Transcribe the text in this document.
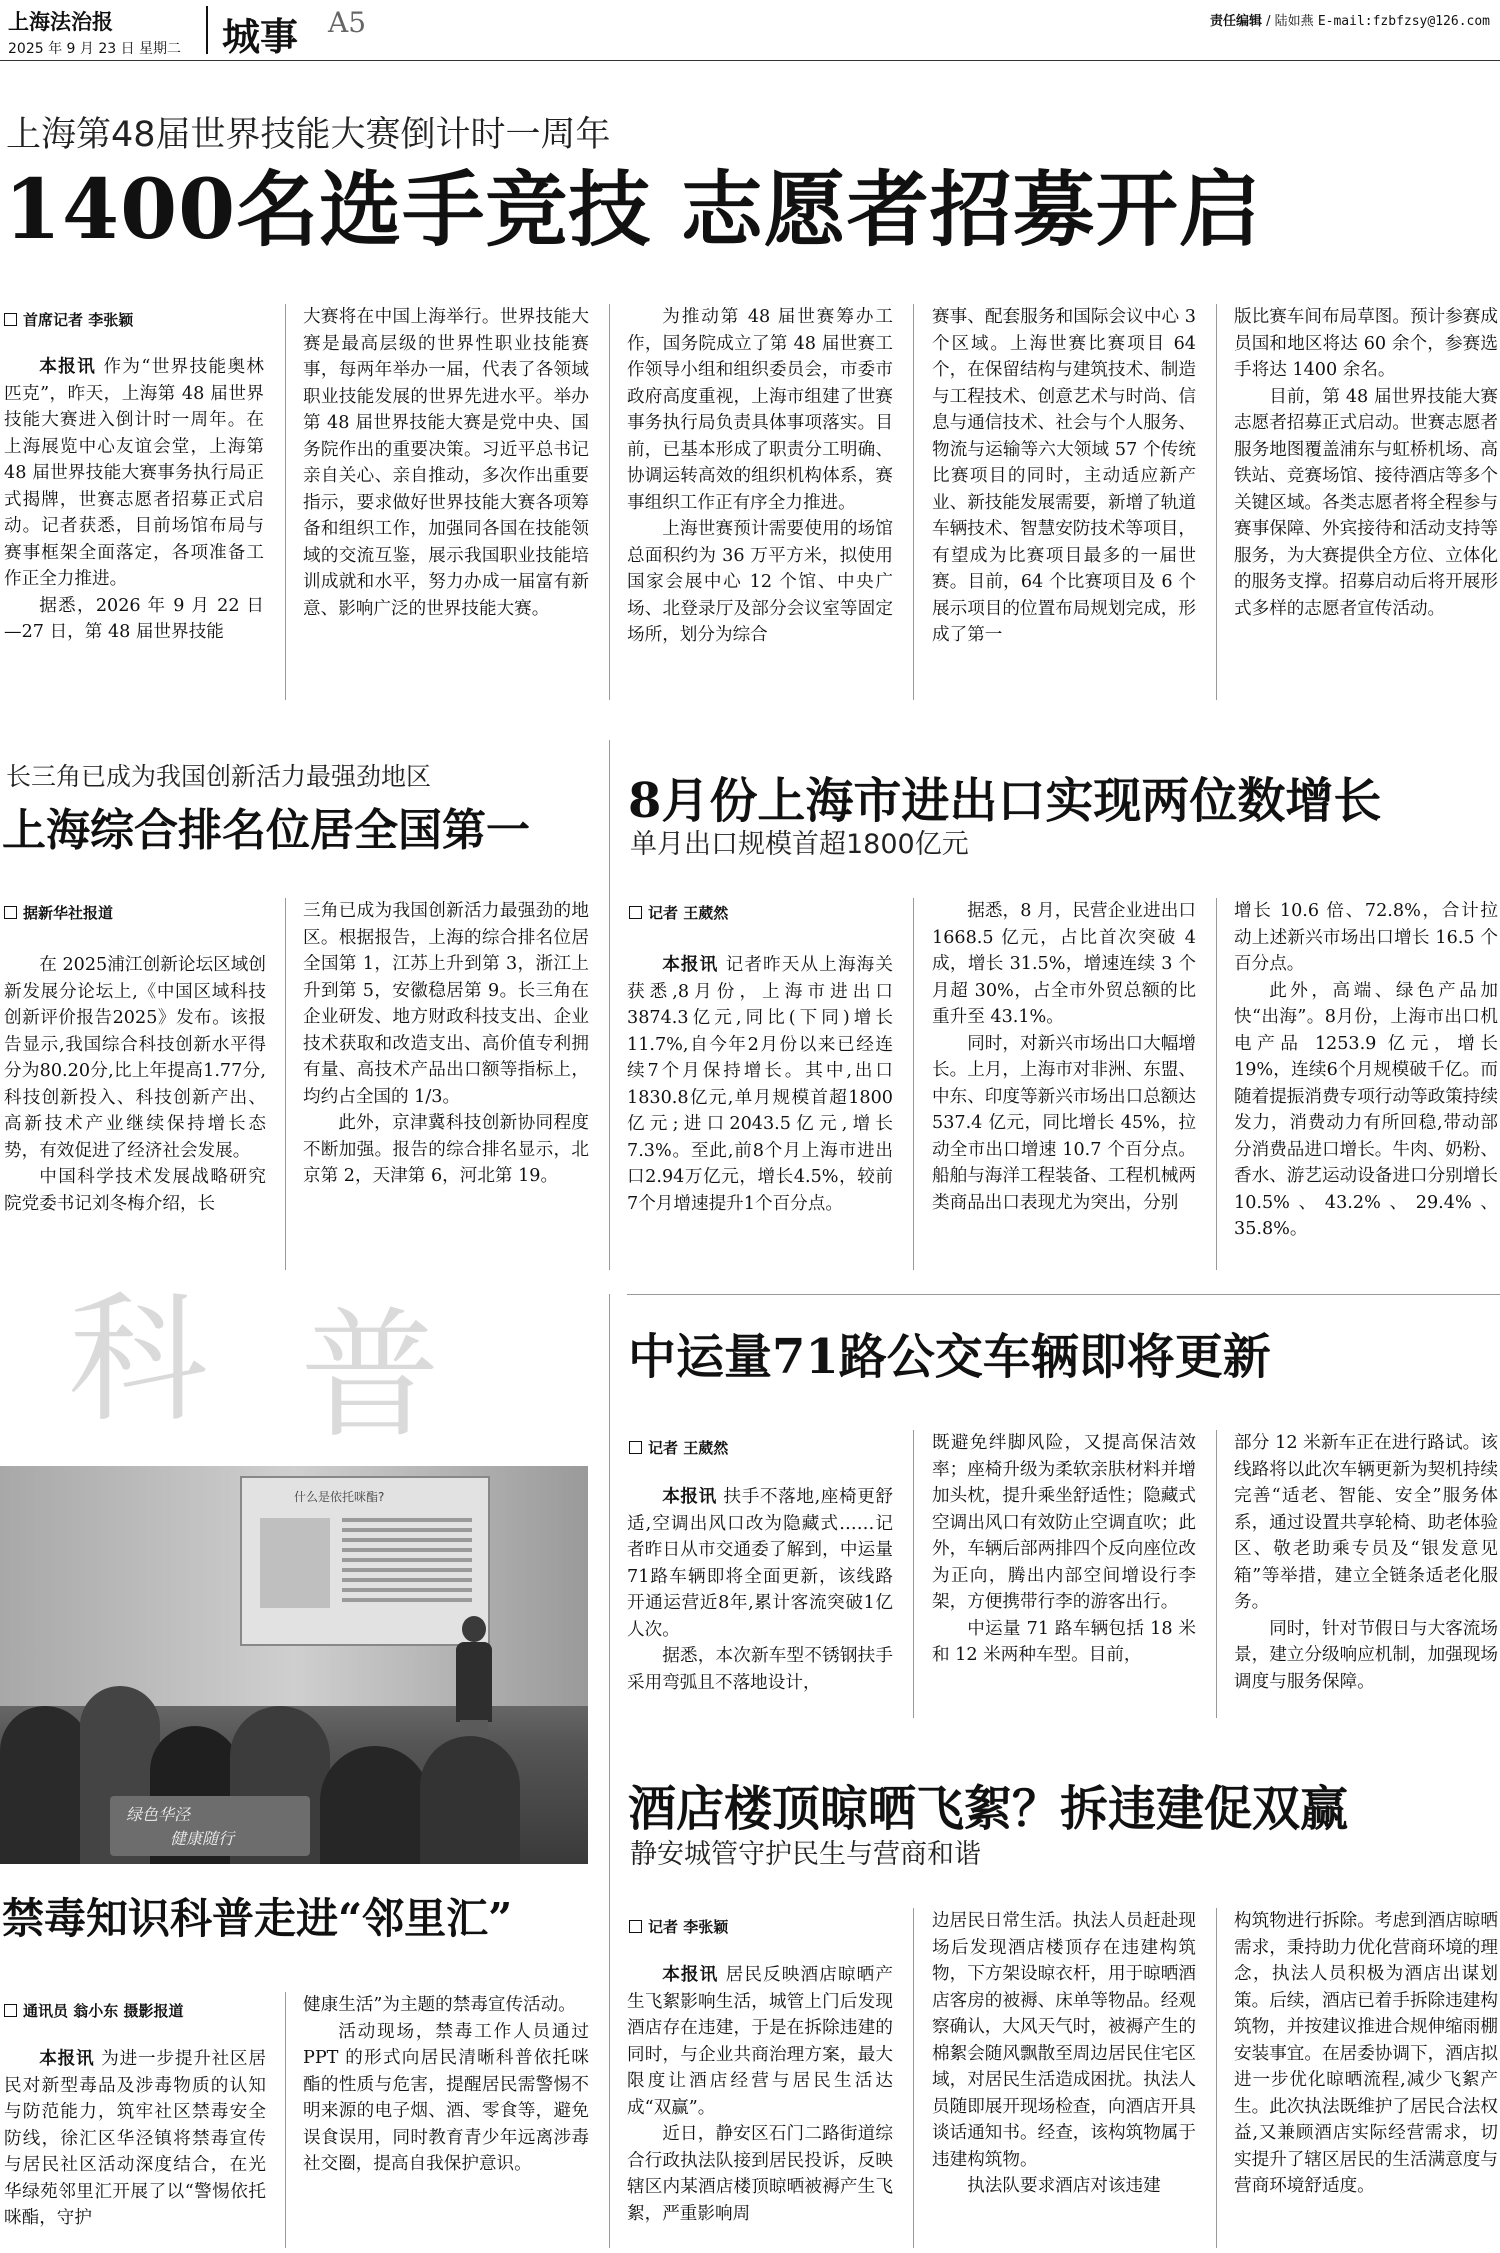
上海法治报
2025 年 9 月 23 日 星期二 城事 A5	责任编辑 / 陆如燕 E-mail:fzbfzsy@126.com
上海第48届世界技能大赛倒计时一周年
1400名选手竞技 志愿者招募开启
首席记者 李张颖

本报讯 作为“世界技能奥林匹克”，昨天，上海第 48 届世界技能大赛进入倒计时一周年。在上海展览中心友谊会堂，上海第 48 届世界技能大赛事务执行局正式揭牌，世赛志愿者招募正式启动。记者获悉，目前场馆布局与赛事框架全面落定，各项准备工作正全力推进。

据悉，2026 年 9 月 22 日—27 日，第 48 届世界技能

大赛将在中国上海举行。世界技能大赛是最高层级的世界性职业技能赛事，每两年举办一届，代表了各领域职业技能发展的世界先进水平。举办第 48 届世界技能大赛是党中央、国务院作出的重要决策。习近平总书记亲自关心、亲自推动，多次作出重要指示，要求做好世界技能大赛各项筹备和组织工作，加强同各国在技能领域的交流互鉴，展示我国职业技能培训成就和水平，努力办成一届富有新意、影响广泛的世界技能大赛。

为推动第 48 届世赛筹办工作，国务院成立了第 48 届世赛工作领导小组和组织委员会，市委市政府高度重视，上海市组建了世赛事务执行局负责具体事项落实。目前，已基本形成了职责分工明确、协调运转高效的组织机构体系，赛事组织工作正有序全力推进。

上海世赛预计需要使用的场馆总面积约为 36 万平方米，拟使用国家会展中心 12 个馆、中央广场、北登录厅及部分会议室等固定场所，划分为综合

赛事、配套服务和国际会议中心 3 个区域。上海世赛比赛项目 64 个，在保留结构与建筑技术、制造与工程技术、创意艺术与时尚、信息与通信技术、社会与个人服务、物流与运输等六大领域 57 个传统比赛项目的同时，主动适应新产业、新技能发展需要，新增了轨道车辆技术、智慧安防技术等项目，有望成为比赛项目最多的一届世赛。目前，64 个比赛项目及 6 个展示项目的位置布局规划完成，形成了第一

版比赛车间布局草图。预计参赛成员国和地区将达 60 余个，参赛选手将达 1400 余名。

目前，第 48 届世界技能大赛志愿者招募正式启动。世赛志愿者服务地图覆盖浦东与虹桥机场、高铁站、竞赛场馆、接待酒店等多个关键区域。各类志愿者将全程参与赛事保障、外宾接待和活动支持等服务，为大赛提供全方位、立体化的服务支撑。招募启动后将开展形式多样的志愿者宣传活动。

长三角已成为我国创新活力最强劲地区
上海综合排名位居全国第一
据新华社报道

在 2025浦江创新论坛区域创新发展分论坛上,《中国区域科技创新评价报告2025》发布。该报告显示,我国综合科技创新水平得分为80.20分,比上年提高1.77分,科技创新投入、科技创新产出、高新技术产业继续保持增长态势，有效促进了经济社会发展。

中国科学技术发展战略研究院党委书记刘冬梅介绍，长

三角已成为我国创新活力最强劲的地区。根据报告，上海的综合排名位居全国第 1，江苏上升到第 3，浙江上升到第 5，安徽稳居第 9。长三角在企业研发、地方财政科技支出、企业技术获取和改造支出、高价值专利拥有量、高技术产品出口额等指标上，均约占全国的 1/3。

此外，京津冀科技创新协同程度不断加强。报告的综合排名显示，北京第 2，天津第 6，河北第 19。

8月份上海市进出口实现两位数增长
单月出口规模首超1800亿元
记者 王葳然

本报讯 记者昨天从上海海关获悉,8月份，上海市进出口3874.3亿元,同比(下同)增长11.7%,自今年2月份以来已经连续7个月保持增长。其中,出口1830.8亿元,单月规模首超1800亿元;进口2043.5亿元,增长7.3%。至此,前8个月上海市进出口2.94万亿元，增长4.5%，较前7个月增速提升1个百分点。

据悉，8 月，民营企业进出口 1668.5 亿元，占比首次突破 4 成，增长 31.5%，增速连续 3 个月超 30%，占全市外贸总额的比重升至 43.1%。

同时，对新兴市场出口大幅增长。上月，上海市对非洲、东盟、中东、印度等新兴市场出口总额达 537.4 亿元，同比增长 45%，拉动全市出口增速 10.7 个百分点。船舶与海洋工程装备、工程机械两类商品出口表现尤为突出，分别

增长 10.6 倍、72.8%，合计拉动上述新兴市场出口增长 16.5 个百分点。

此外，高端、绿色产品加快“出海”。8月份，上海市出口机电产品 1253.9 亿元，增长19%，连续6个月规模破千亿。而随着提振消费专项行动等政策持续发力，消费动力有所回稳,带动部分消费品进口增长。牛肉、奶粉、香水、游艺运动设备进口分别增长10.5%、43.2%、29.4%、35.8%。

科 普
什么是依托咪酯?
绿色华泾
健康随行
禁毒知识科普走进“邻里汇”
通讯员 翁小东 摄影报道

本报讯 为进一步提升社区居民对新型毒品及涉毒物质的认知与防范能力，筑牢社区禁毒安全防线，徐汇区华泾镇将禁毒宣传与居民社区活动深度结合，在光华绿苑邻里汇开展了以“警惕依托咪酯，守护

健康生活”为主题的禁毒宣传活动。

活动现场，禁毒工作人员通过 PPT 的形式向居民清晰科普依托咪酯的性质与危害，提醒居民需警惕不明来源的电子烟、酒、零食等，避免误食误用，同时教育青少年远离涉毒社交圈，提高自我保护意识。

中运量71路公交车辆即将更新
记者 王葳然

本报讯 扶手不落地,座椅更舒适,空调出风口改为隐藏式……记者昨日从市交通委了解到，中运量71路车辆即将全面更新，该线路开通运营近8年,累计客流突破1亿人次。

据悉，本次新车型不锈钢扶手采用弯弧且不落地设计，

既避免绊脚风险，又提高保洁效率；座椅升级为柔软亲肤材料并增加头枕，提升乘坐舒适性；隐藏式空调出风口有效防止空调直吹；此外，车辆后部两排四个反向座位改为正向，腾出内部空间增设行李架，方便携带行李的游客出行。

中运量 71 路车辆包括 18 米和 12 米两种车型。目前，

部分 12 米新车正在进行路试。该线路将以此次车辆更新为契机持续完善“适老、智能、安全”服务体系，通过设置共享轮椅、助老体验区、敬老助乘专员及“银发意见箱”等举措，建立全链条适老化服务。

同时，针对节假日与大客流场景，建立分级响应机制，加强现场调度与服务保障。

酒店楼顶晾晒飞絮？拆违建促双赢
静安城管守护民生与营商和谐
记者 李张颖

本报讯 居民反映酒店晾晒产生飞絮影响生活，城管上门后发现酒店存在违建，于是在拆除违建的同时，与企业共商治理方案，最大限度让酒店经营与居民生活达成“双赢”。

近日，静安区石门二路街道综合行政执法队接到居民投诉，反映辖区内某酒店楼顶晾晒被褥产生飞絮，严重影响周

边居民日常生活。执法人员赶赴现场后发现酒店楼顶存在违建构筑物，下方架设晾衣杆，用于晾晒酒店客房的被褥、床单等物品。经观察确认，大风天气时，被褥产生的棉絮会随风飘散至周边居民住宅区域，对居民生活造成困扰。执法人员随即展开现场检查，向酒店开具谈话通知书。经查，该构筑物属于违建构筑物。

执法队要求酒店对该违建

构筑物进行拆除。考虑到酒店晾晒需求，秉持助力优化营商环境的理念，执法人员积极为酒店出谋划策。后续，酒店已着手拆除违建构筑物，并按建议推进合规伸缩雨棚安装事宜。在居委协调下，酒店拟进一步优化晾晒流程,减少飞絮产生。此次执法既维护了居民合法权益,又兼顾酒店实际经营需求，切实提升了辖区居民的生活满意度与营商环境舒适度。
